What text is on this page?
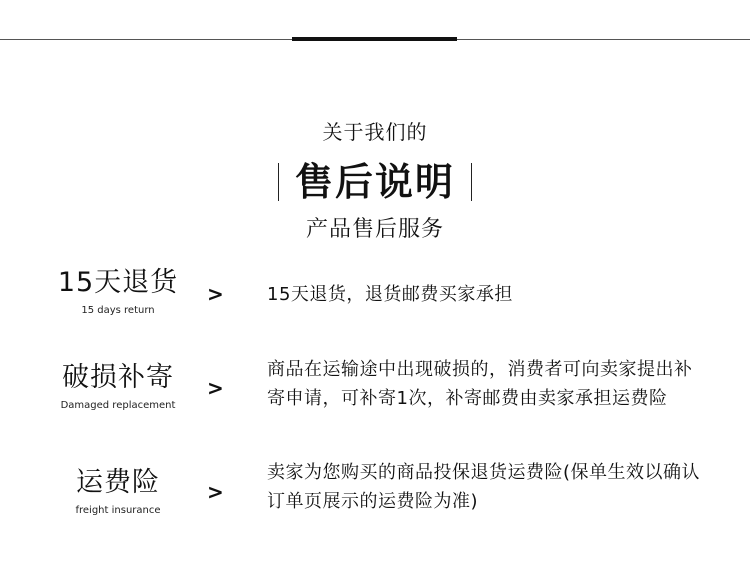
关于我们的
售后说明
产品售后服务
15天退货
15 days return
> 15天退货，退货邮费买家承担
破损补寄
Damaged replacement
>
商品在运输途中出现破损的，消费者可向卖家提出补寄申请，可补寄1次，补寄邮费由卖家承担运费险
运费险
freight insurance
>
卖家为您购买的商品投保退货运费险(保单生效以确认订单页展示的运费险为准)
